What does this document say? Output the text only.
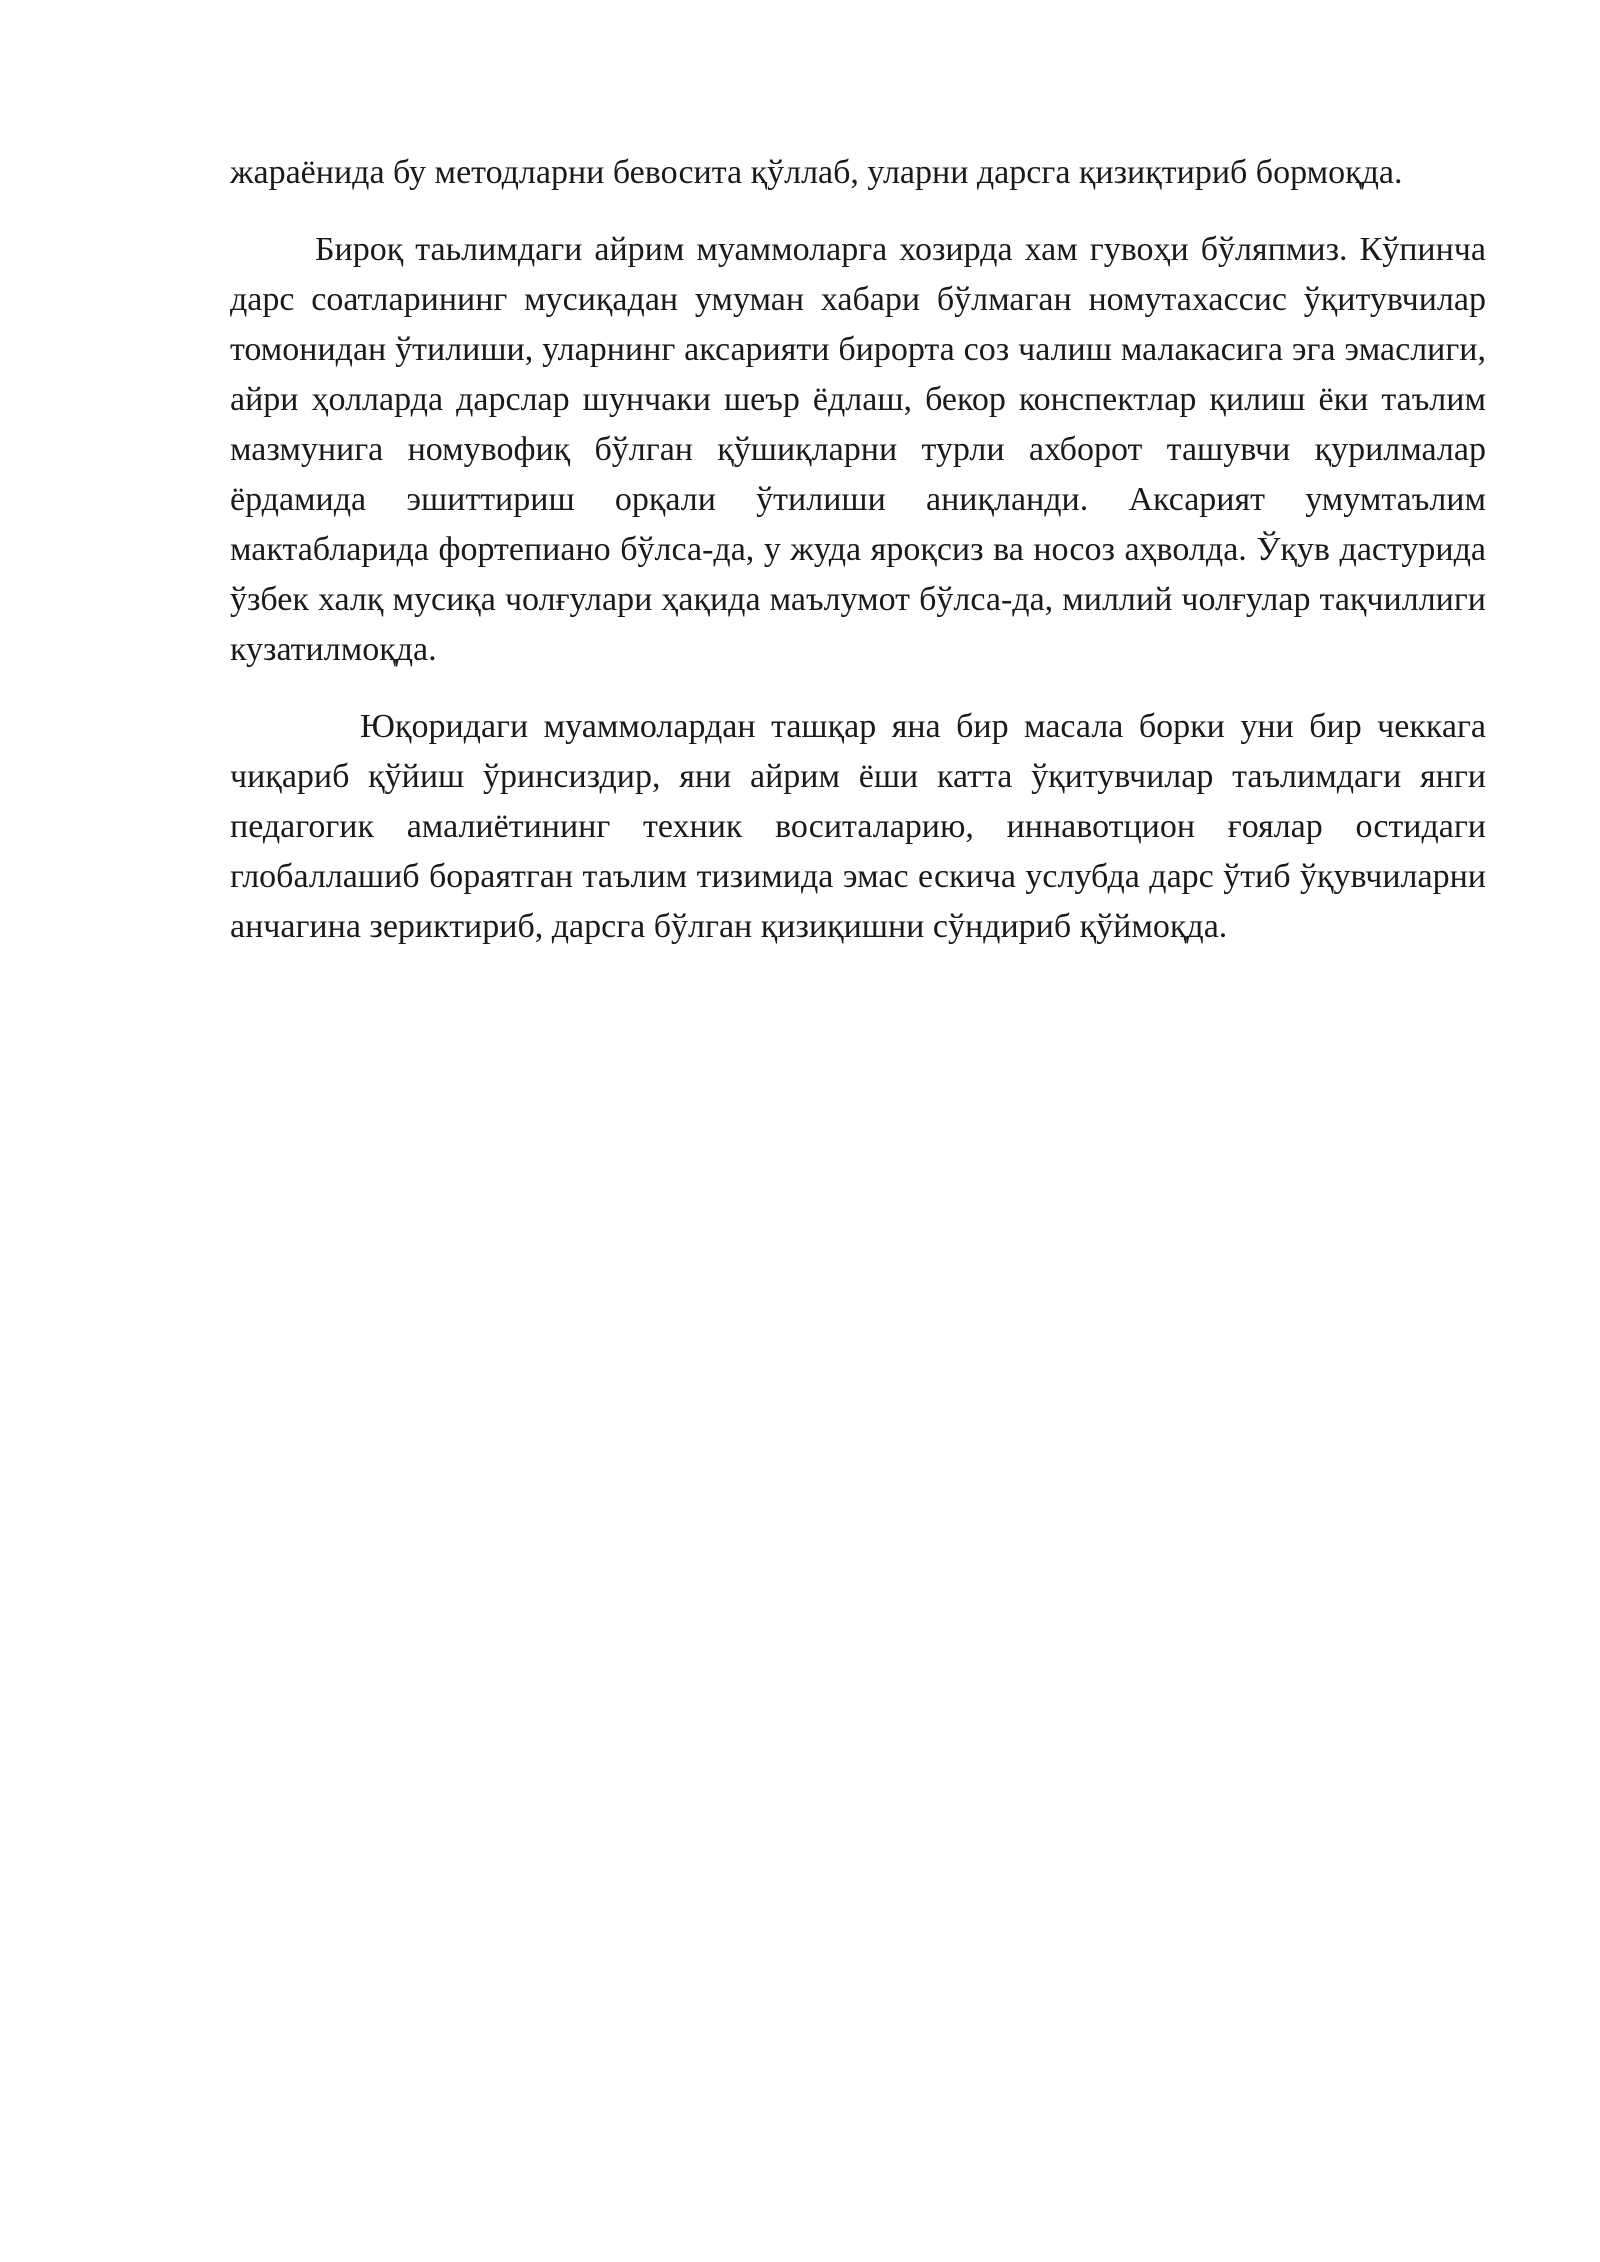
жараёнида бу методларни бевосита қўллаб, уларни дарсга қизиқтириб бормоқда.

Бироқ таьлимдаги айрим муаммоларга хозирда хам гувоҳи бўляпмиз. Кўпинча дарс соатларининг мусиқадан умуман хабари бўлмаган номутахассис ўқитувчилар томонидан ўтилиши, уларнинг аксарияти бирорта соз чалиш малакасига эга эмаслиги, айри ҳолларда дарслар шунчаки шеър ёдлаш, бекор конспектлар қилиш ёки таълим мазмунига номувофиқ бўлган қўшиқларни турли ахборот ташувчи қурилмалар ёрдамида эшиттириш орқали ўтилиши аниқланди. Аксарият умумтаълим мактабларида фортепиано бўлса-да, у жуда яроқсиз ва носоз аҳволда. Ўқув дастурида ўзбек халқ мусиқа чолғулари ҳақида маълумот бўлса-да, миллий чолғулар тақчиллиги кузатилмоқда.

Юқоридаги муаммолардан ташқар яна бир масала борки уни бир чеккага чиқариб қўйиш ўринсиздир, яни айрим ёши катта ўқитувчилар таълимдаги янги педагогик амалиётининг техник воситаларию, иннавотцион ғоялар остидаги глобаллашиб бораятган таълим тизимида эмас ескича услубда дарс ўтиб ўқувчиларни анчагина зериктириб, дарсга бўлган қизиқишни сўндириб қўймоқда.
